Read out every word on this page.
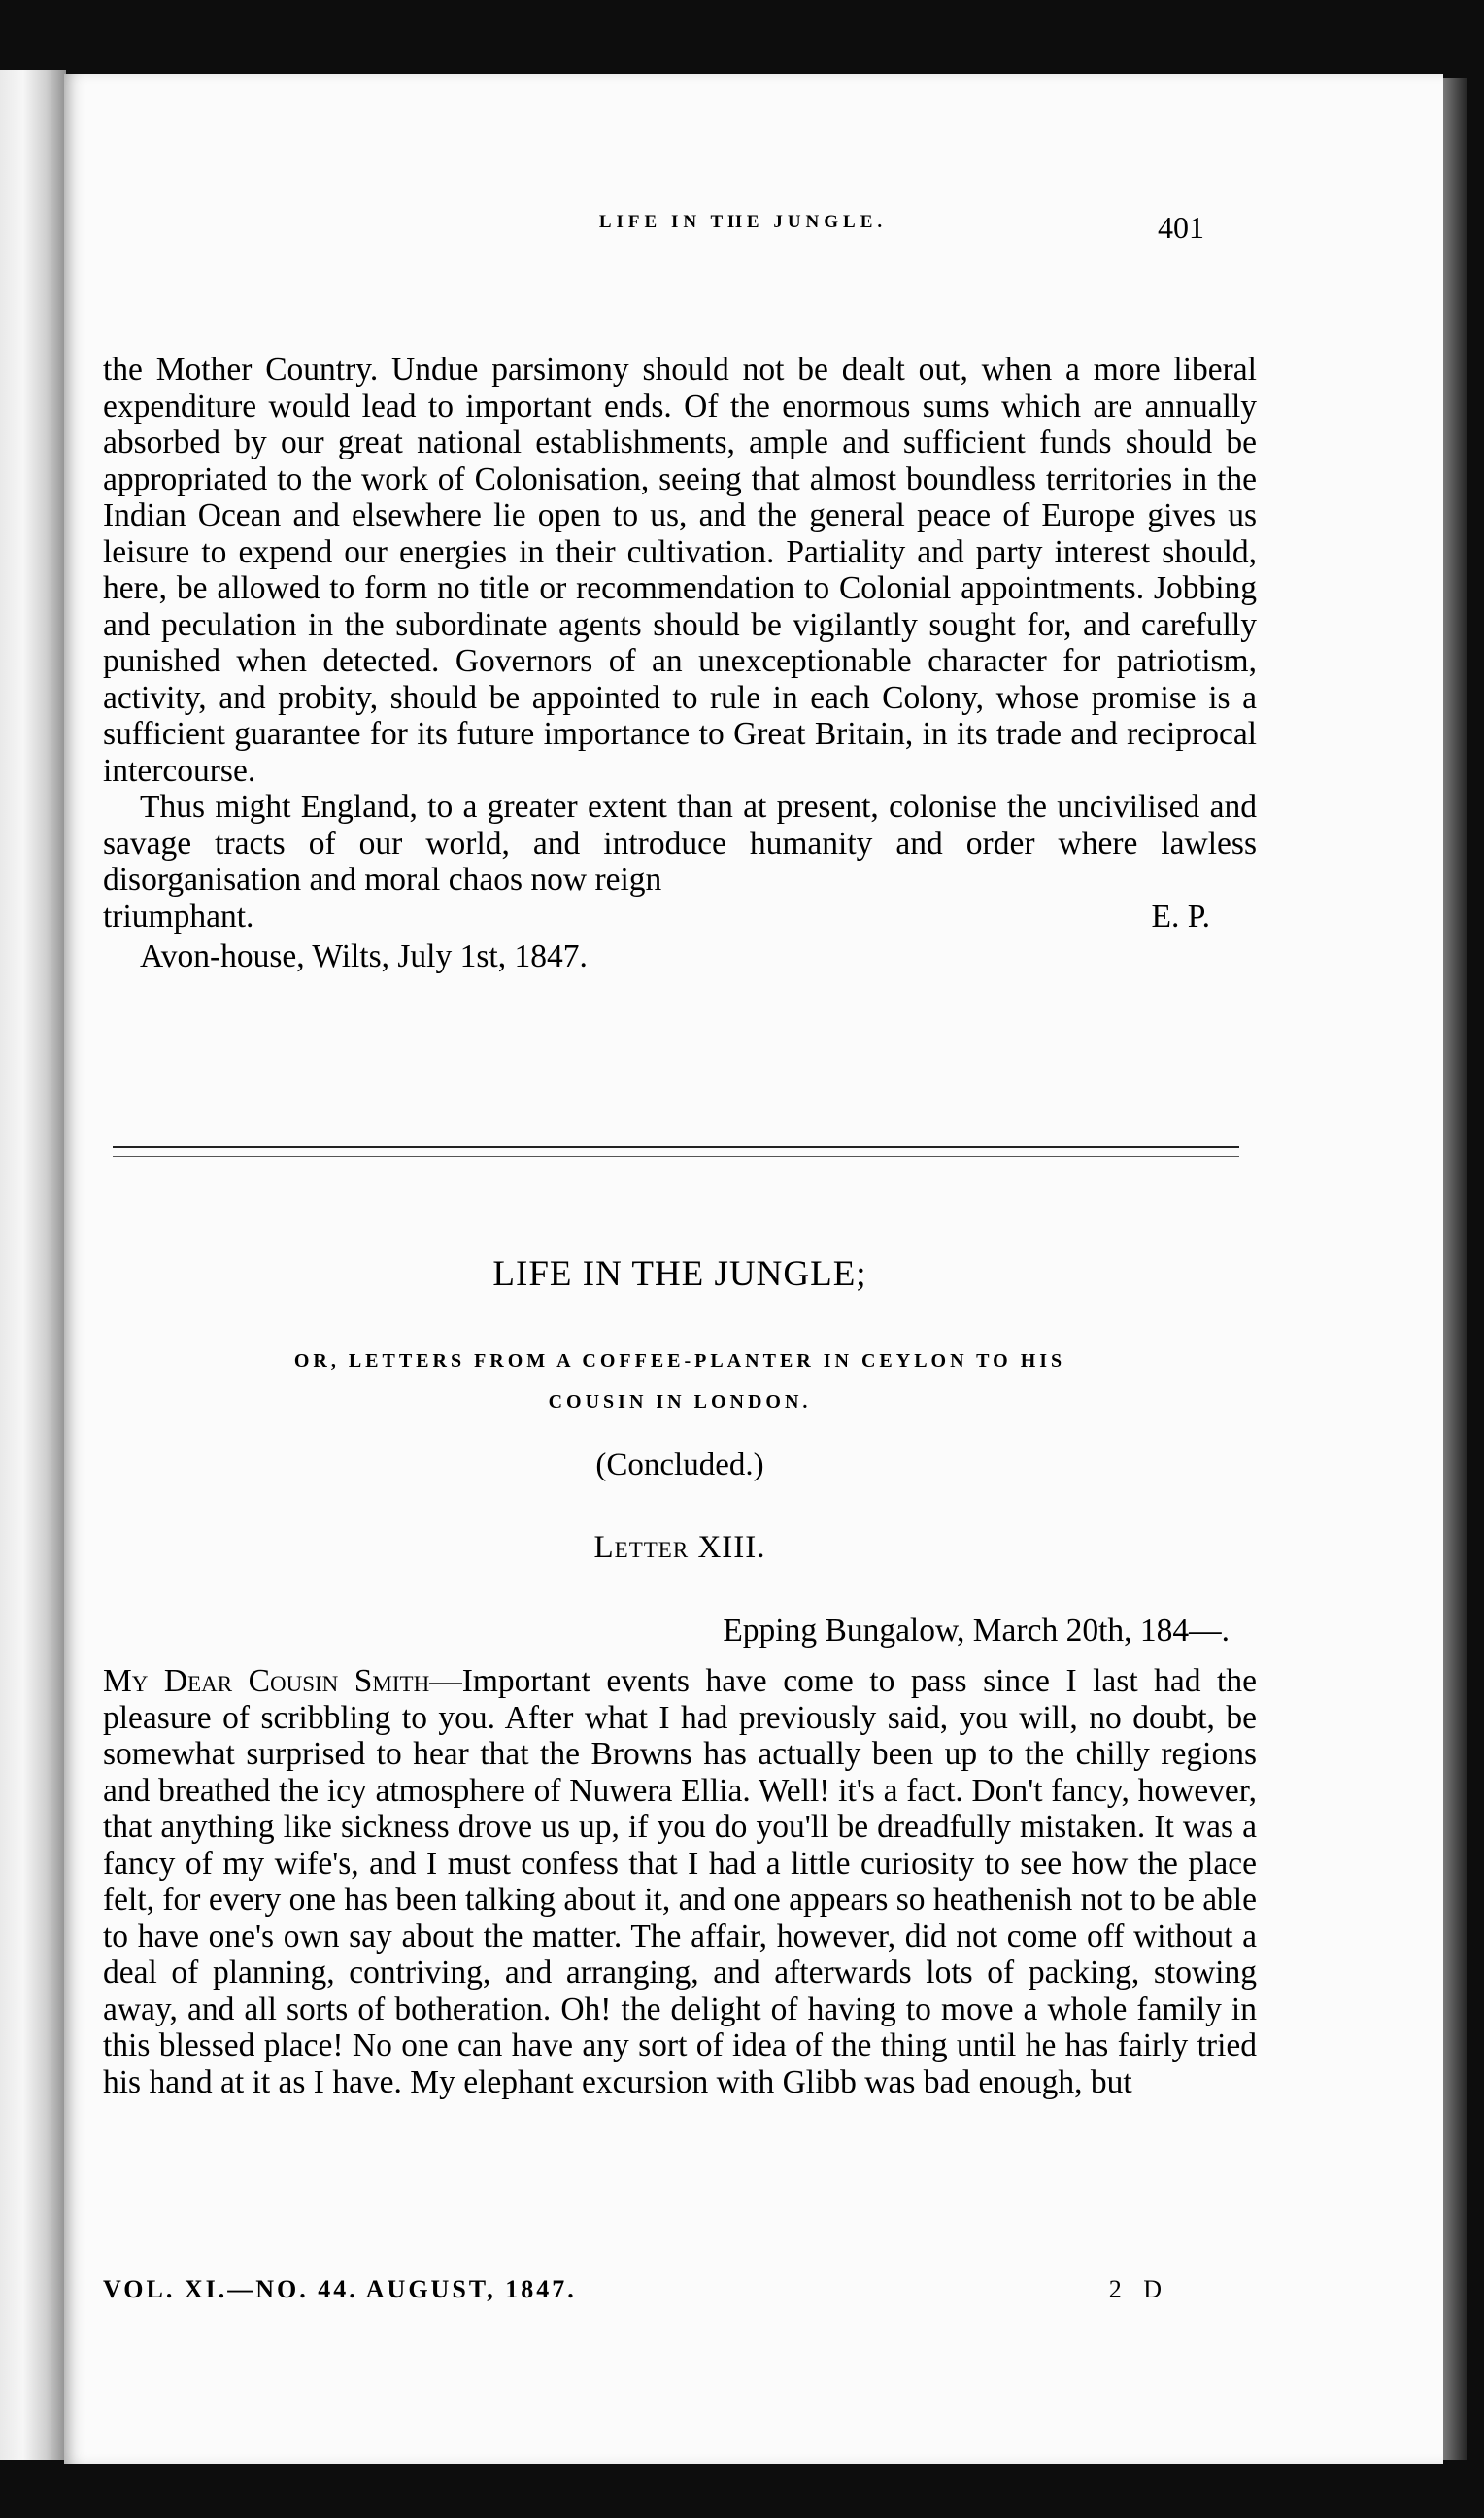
LIFE IN THE JUNGLE.	401

the Mother Country. Undue parsimony should not be dealt out, when a more liberal expenditure would lead to important ends. Of the enormous sums which are annually absorbed by our great national establishments, ample and sufficient funds should be appropriated to the work of Colonisation, seeing that almost boundless territories in the Indian Ocean and elsewhere lie open to us, and the general peace of Europe gives us leisure to expend our energies in their cultivation. Partiality and party interest should, here, be allowed to form no title or recommendation to Colonial appointments. Jobbing and peculation in the subordinate agents should be vigilantly sought for, and carefully punished when detected. Governors of an unexceptionable character for patriotism, activity, and probity, should be appointed to rule in each Colony, whose promise is a sufficient guarantee for its future importance to Great Britain, in its trade and reciprocal intercourse.

Thus might England, to a greater extent than at present, colonise the uncivilised and savage tracts of our world, and introduce humanity and order where lawless disorganisation and moral chaos now reign

triumphant.	E. P.
Avon-house, Wilts, July 1st, 1847.
LIFE IN THE JUNGLE;
OR, LETTERS FROM A COFFEE-PLANTER IN CEYLON TO HIS
COUSIN IN LONDON.
(Concluded.)
Letter XIII.
Epping Bungalow, March 20th, 184—.

My Dear Cousin Smith—Important events have come to pass since I last had the pleasure of scribbling to you. After what I had previously said, you will, no doubt, be somewhat surprised to hear that the Browns has actually been up to the chilly regions and breathed the icy atmosphere of Nuwera Ellia. Well! it's a fact. Don't fancy, however, that anything like sickness drove us up, if you do you'll be dreadfully mistaken. It was a fancy of my wife's, and I must confess that I had a little curiosity to see how the place felt, for every one has been talking about it, and one appears so heathenish not to be able to have one's own say about the matter. The affair, however, did not come off without a deal of planning, contriving, and arranging, and afterwards lots of packing, stowing away, and all sorts of botheration. Oh! the delight of having to move a whole family in this blessed place! No one can have any sort of idea of the thing until he has fairly tried his hand at it as I have. My elephant excursion with Glibb was bad enough, but

VOL. XI.—NO. 44. AUGUST, 1847.	2 D
